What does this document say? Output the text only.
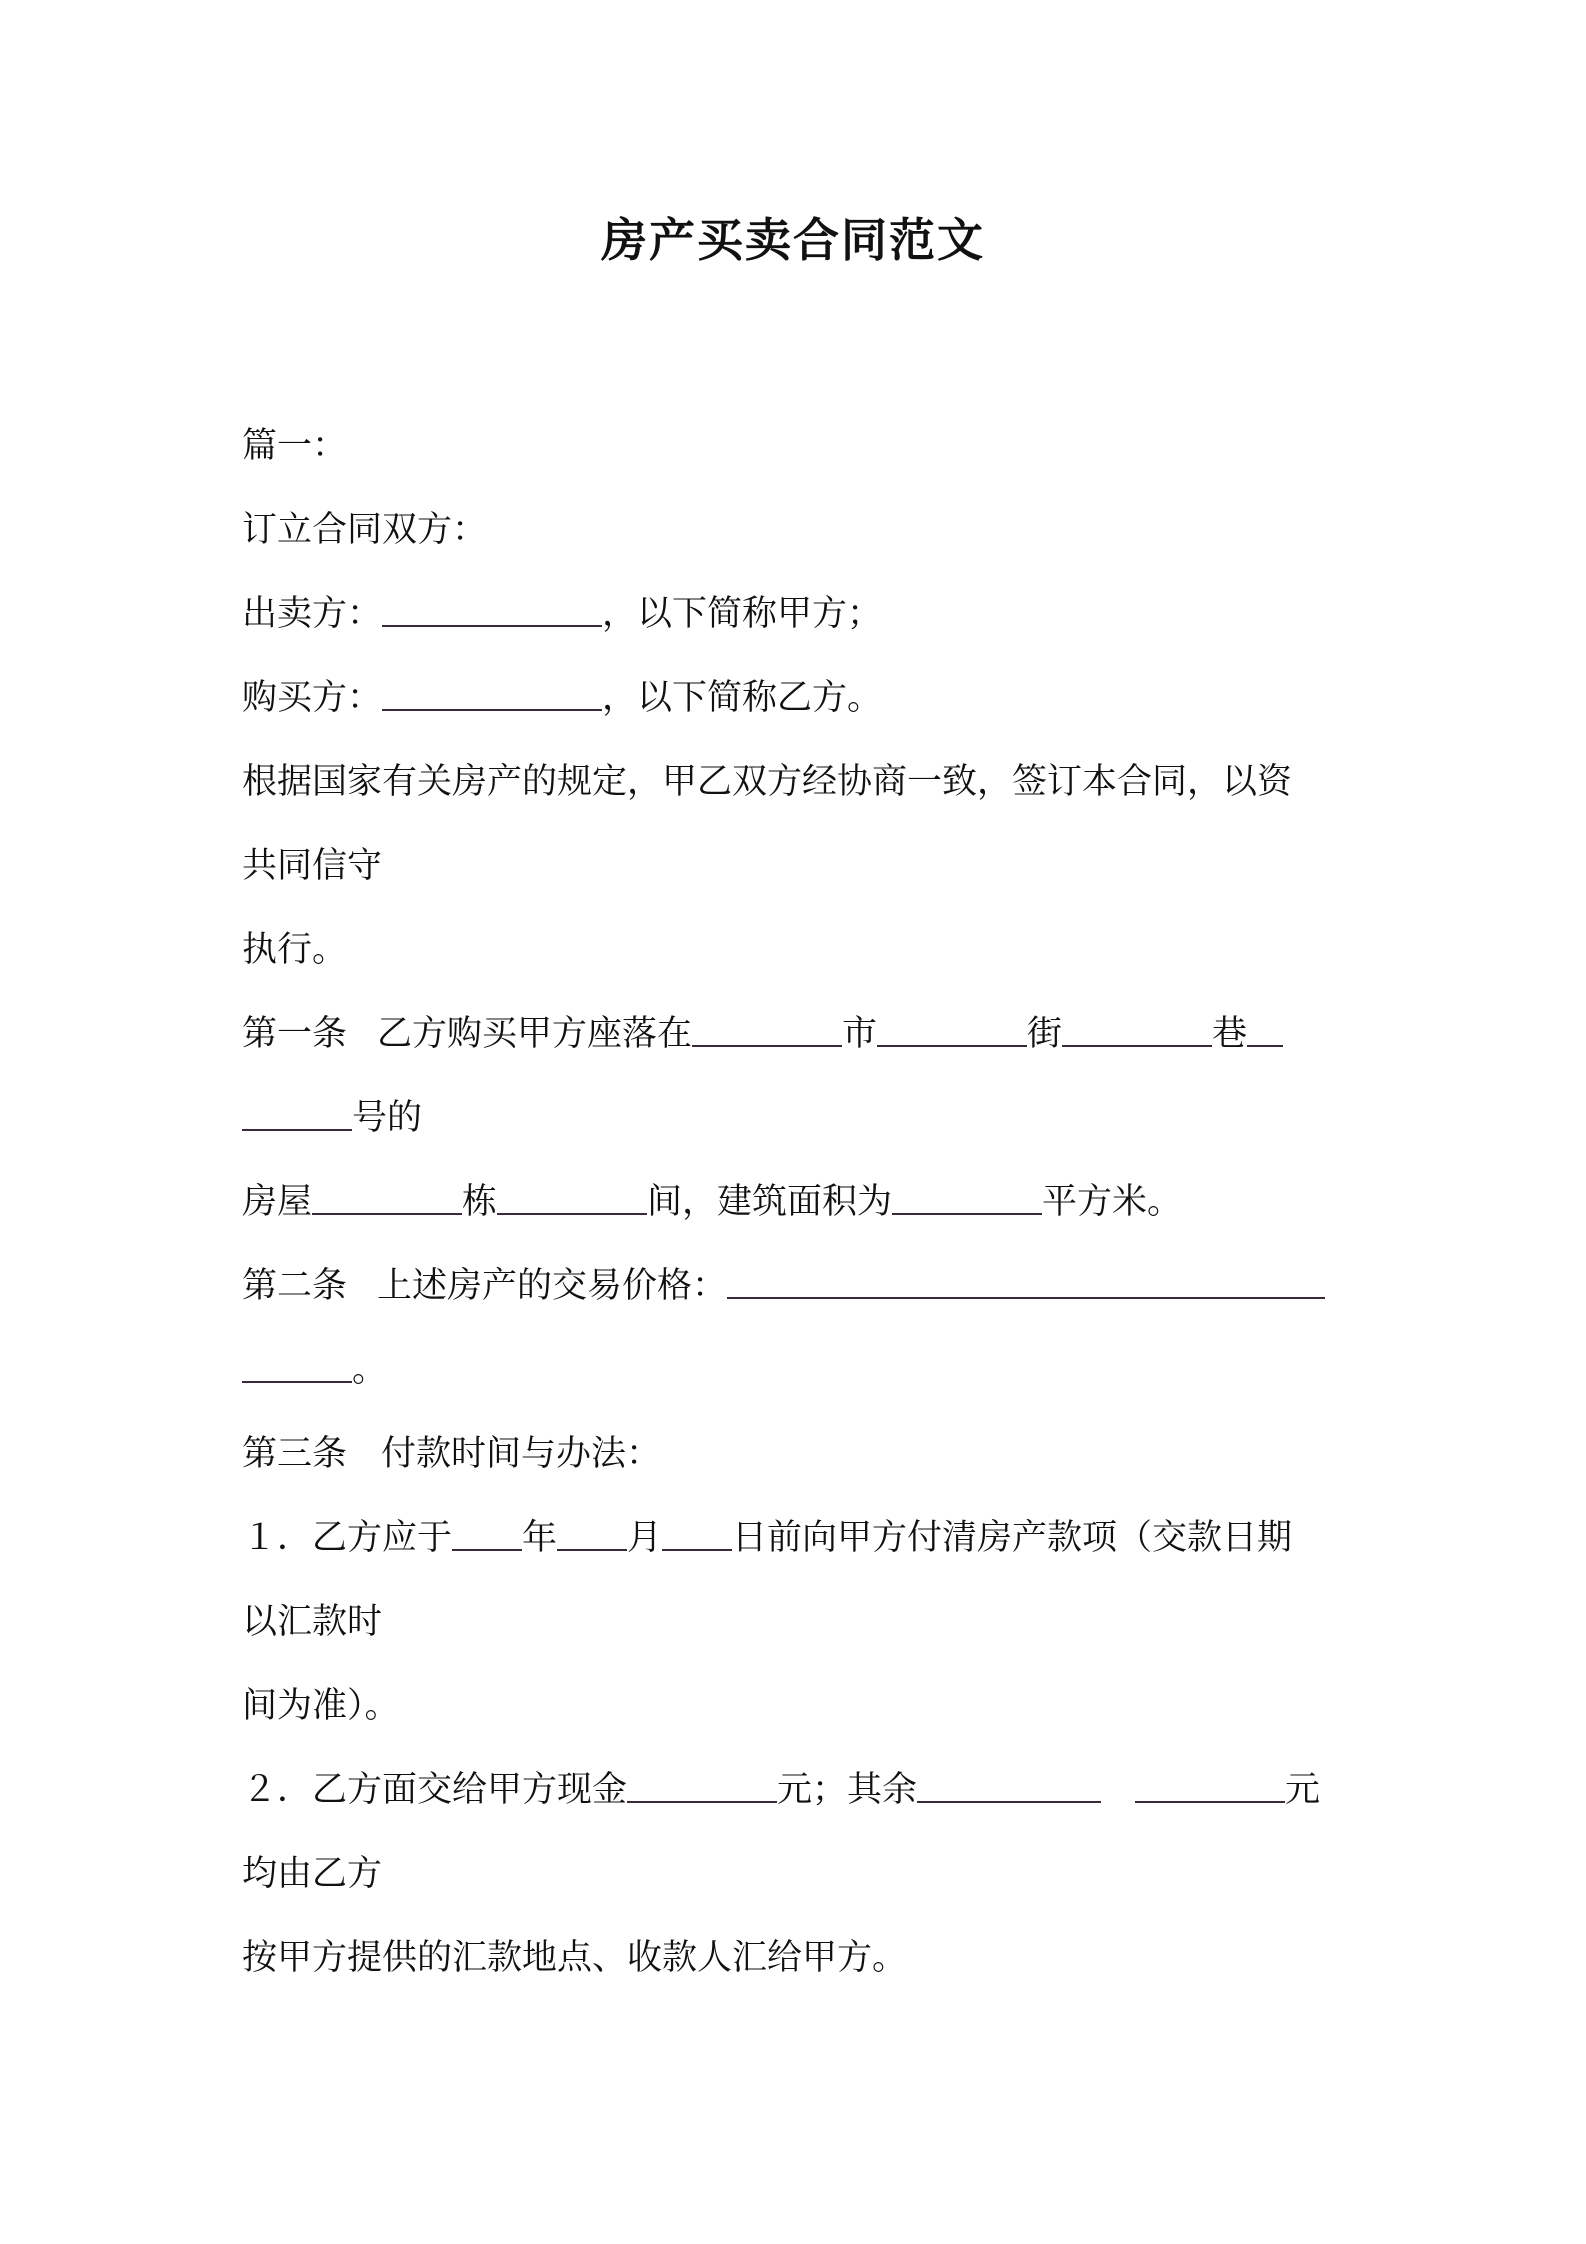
房产买卖合同范文
篇一：
订立合同双方：
出卖方：	，以下简称甲方；
购买方：	，以下简称乙方。
根据国家有关房产的规定，甲乙双方经协商一致，签订本合同，以资
共同信守
执行。
第一条 乙方购买甲方座落在	市	街	巷
号的
房屋	栋	间，建筑面积为	平方米。
第二条 上述房产的交易价格：
。
第三条 付款时间与办法：
１．乙方应于 年 月 日前向甲方付清房产款项（交款日期
以汇款时
间为准）。
２．乙方面交给甲方现金	元；其余	元
均由乙方
按甲方提供的汇款地点、收款人汇给甲方。
